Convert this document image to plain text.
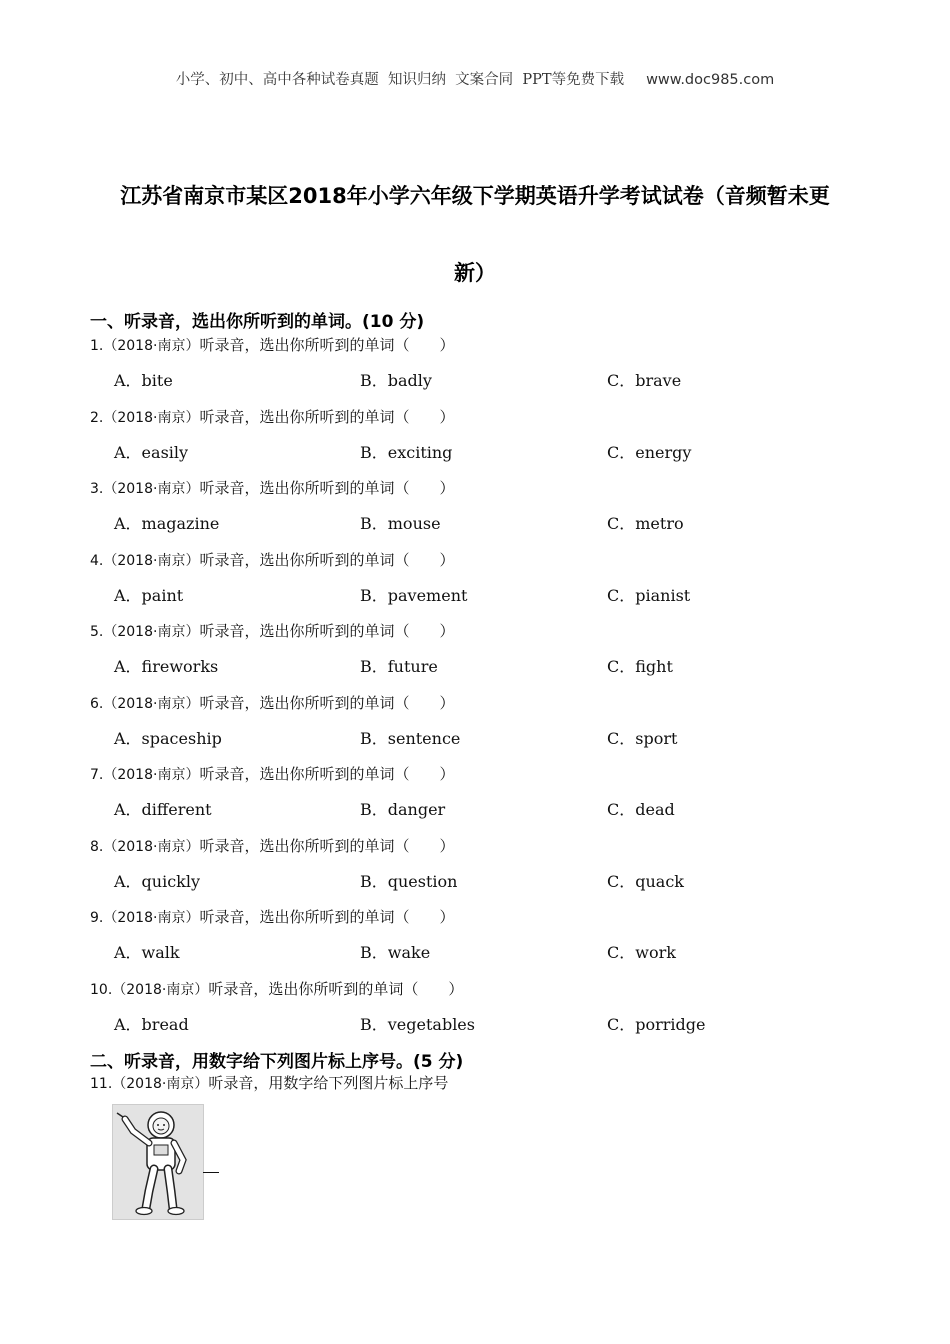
小学、初中、高中各种试卷真题  知识归纳  文案合同  PPT等免费下载 www.doc985.com
江苏省南京市某区2018年小学六年级下学期英语升学考试试卷（音频暂未更
新）
一、听录音，选出你所听到的单词。(10 分)
1.（2018·南京）听录音，选出你所听到的单词（　　）
A．bite	B．badly	C．brave
2.（2018·南京）听录音，选出你所听到的单词（　　）
A．easily	B．exciting	C．energy
3.（2018·南京）听录音，选出你所听到的单词（　　）
A．magazine	B．mouse	C．metro
4.（2018·南京）听录音，选出你所听到的单词（　　）
A．paint	B．pavement	C．pianist
5.（2018·南京）听录音，选出你所听到的单词（　　）
A．fireworks	B．future	C．fight
6.（2018·南京）听录音，选出你所听到的单词（　　）
A．spaceship	B．sentence	C．sport
7.（2018·南京）听录音，选出你所听到的单词（　　）
A．different	B．danger	C．dead
8.（2018·南京）听录音，选出你所听到的单词（　　）
A．quickly	B．question	C．quack
9.（2018·南京）听录音，选出你所听到的单词（　　）
A．walk	B．wake	C．work
10.（2018·南京）听录音，选出你所听到的单词（　　）
A．bread	B．vegetables	C．porridge
二、听录音，用数字给下列图片标上序号。(5 分)
11.（2018·南京）听录音，用数字给下列图片标上序号
